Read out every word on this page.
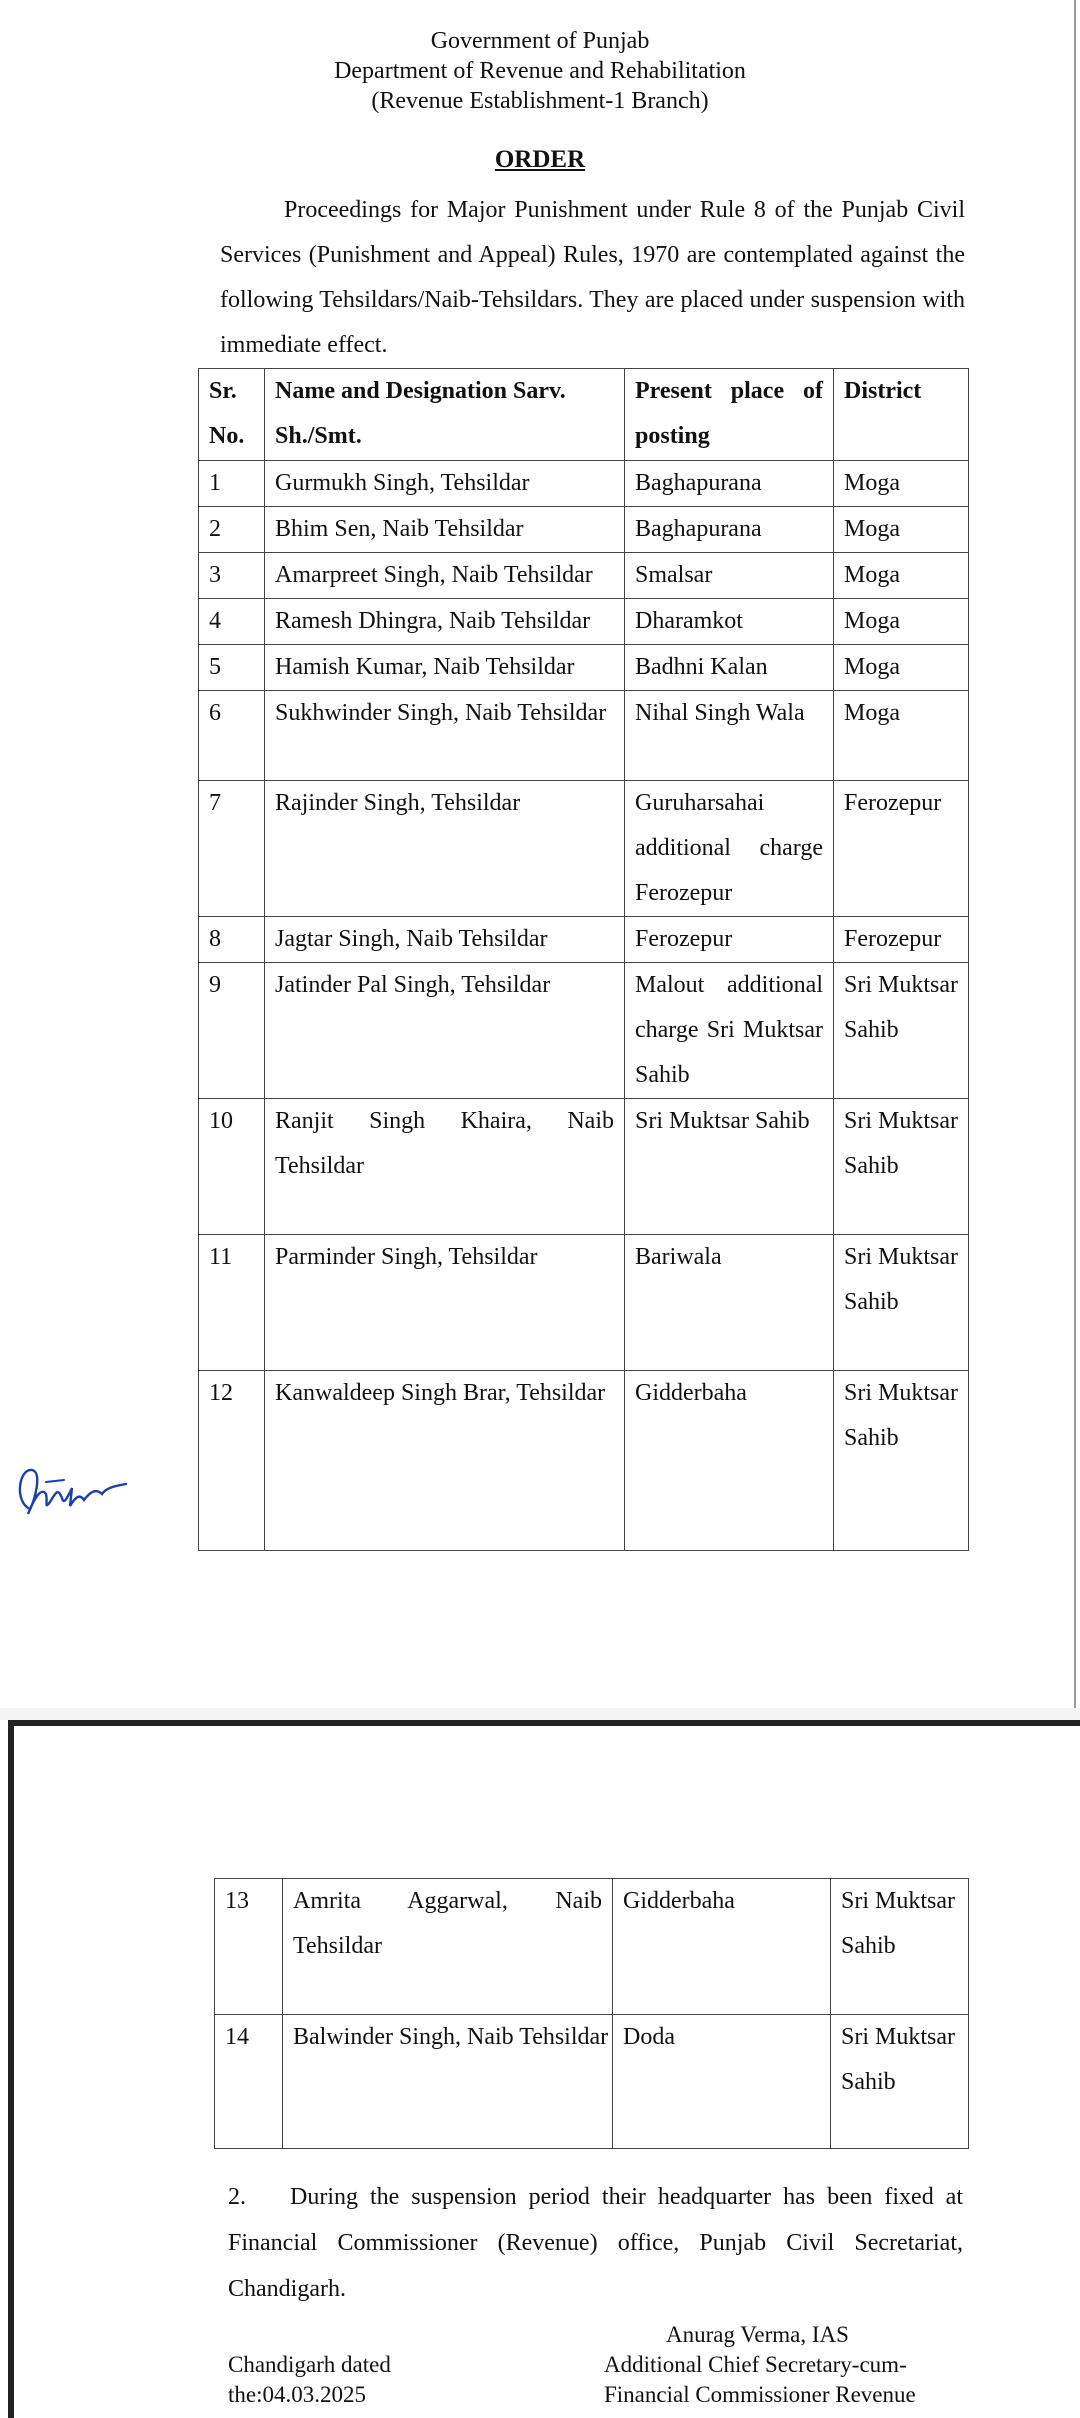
Government of Punjab
Department of Revenue and Rehabilitation
(Revenue Establishment-1 Branch)
ORDER
Proceedings for Major Punishment under Rule 8 of the Punjab Civil Services (Punishment and Appeal) Rules, 1970 are contemplated against the following Tehsildars/Naib-Tehsildars. They are placed under suspension with immediate effect.
Sr. No.	Name and Designation Sarv. Sh./Smt.	Present place of posting	District
1	Gurmukh Singh, Tehsildar	Baghapurana	Moga
2	Bhim Sen, Naib Tehsildar	Baghapurana	Moga
3	Amarpreet Singh, Naib Tehsildar	Smalsar	Moga
4	Ramesh Dhingra, Naib Tehsildar	Dharamkot	Moga
5	Hamish Kumar, Naib Tehsildar	Badhni Kalan	Moga
6	Sukhwinder Singh, Naib Tehsildar	Nihal Singh Wala	Moga
7	Rajinder Singh, Tehsildar	Guruharsahai additional charge Ferozepur	Ferozepur
8	Jagtar Singh, Naib Tehsildar	Ferozepur	Ferozepur
9	Jatinder Pal Singh, Tehsildar	Malout additional charge Sri Muktsar Sahib	Sri Muktsar Sahib
10	Ranjit Singh Khaira, Naib Tehsildar	Sri Muktsar Sahib	Sri Muktsar Sahib
11	Parminder Singh, Tehsildar	Bariwala	Sri Muktsar Sahib
12	Kanwaldeep Singh Brar, Tehsildar	Gidderbaha	Sri Muktsar Sahib
13	Amrita Aggarwal, Naib Tehsildar	Gidderbaha	Sri Muktsar Sahib
14	Balwinder Singh, Naib Tehsildar	Doda	Sri Muktsar Sahib
2. During the suspension period their headquarter has been fixed at Financial Commissioner (Revenue) office, Punjab Civil Secretariat, Chandigarh.
Anurag Verma, IAS
Additional Chief Secretary-cum-
Financial Commissioner Revenue
Chandigarh dated
the:04.03.2025
